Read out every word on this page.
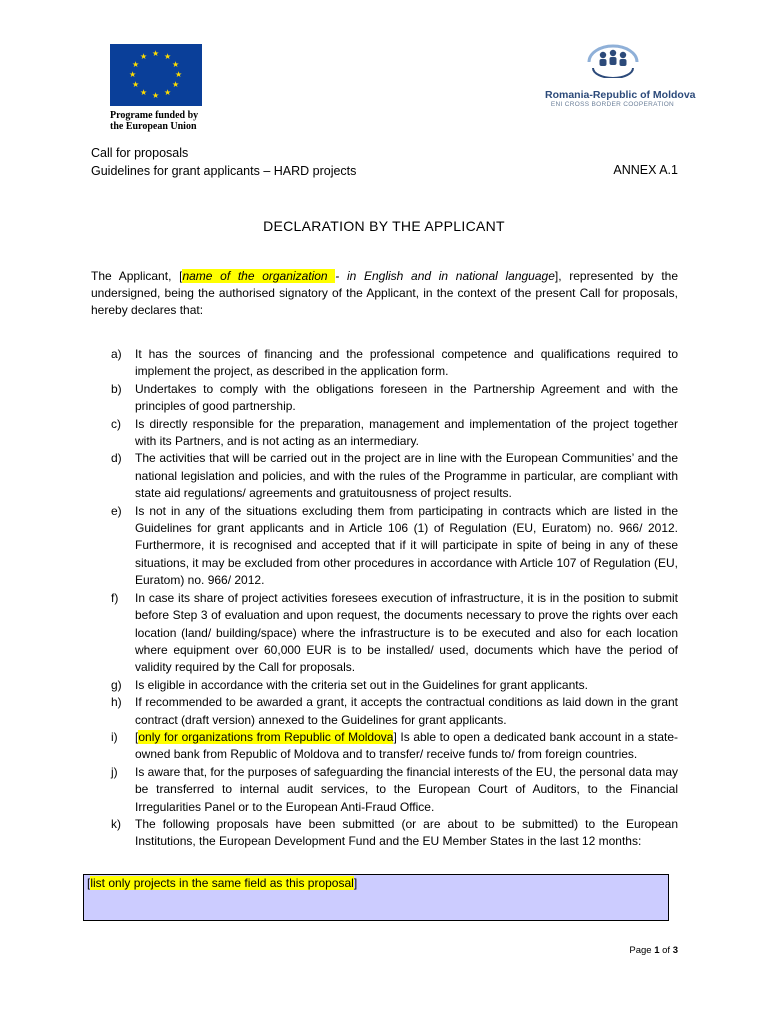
★ ★
★
★
★
★
★
★
★
★
★
★
Programe funded by
the European Union
Romania-Republic of Moldova
ENI CROSS BORDER COOPERATION
Call for proposals
Guidelines for grant applicants – HARD projects	ANNEX A.1
DECLARATION BY THE APPLICANT
The Applicant, [name of the organization - in English and in national language], represented by the undersigned, being the authorised signatory of the Applicant, in the context of the present Call for proposals, hereby declares that:
a)	It has the sources of financing and the professional competence and qualifications required to implement the project, as described in the application form.
b)	Undertakes to comply with the obligations foreseen in the Partnership Agreement and with the principles of good partnership.
c)	Is directly responsible for the preparation, management and implementation of the project together with its Partners, and is not acting as an intermediary.
d)	The activities that will be carried out in the project are in line with the European Communities’ and the national legislation and policies, and with the rules of the Programme in particular, are compliant with state aid regulations/ agreements and gratuitousness of project results.
e)	Is not in any of the situations excluding them from participating in contracts which are listed in the Guidelines for grant applicants and in Article 106 (1) of Regulation (EU, Euratom) no. 966/ 2012. Furthermore, it is recognised and accepted that if it will participate in spite of being in any of these situations, it may be excluded from other procedures in accordance with Article 107 of Regulation (EU, Euratom) no. 966/ 2012.
f)	In case its share of project activities foresees execution of infrastructure, it is in the position to submit before Step 3 of evaluation and upon request, the documents necessary to prove the rights over each location (land/ building/space) where the infrastructure is to be executed and also for each location where equipment over 60,000 EUR is to be installed/ used, documents which have the period of validity required by the Call for proposals.
g)	Is eligible in accordance with the criteria set out in the Guidelines for grant applicants.
h)	If recommended to be awarded a grant, it accepts the contractual conditions as laid down in the grant contract (draft version) annexed to the Guidelines for grant applicants.
i)	[only for organizations from Republic of Moldova] Is able to open a dedicated bank account in a state-owned bank from Republic of Moldova and to transfer/ receive funds to/ from foreign countries.
j)	Is aware that, for the purposes of safeguarding the financial interests of the EU, the personal data may be transferred to internal audit services, to the European Court of Auditors, to the Financial Irregularities Panel or to the European Anti-Fraud Office.
k)	The following proposals have been submitted (or are about to be submitted) to the European Institutions, the European Development Fund and the EU Member States in the last 12 months:
[list only projects in the same field as this proposal]
Page 1 of 3
